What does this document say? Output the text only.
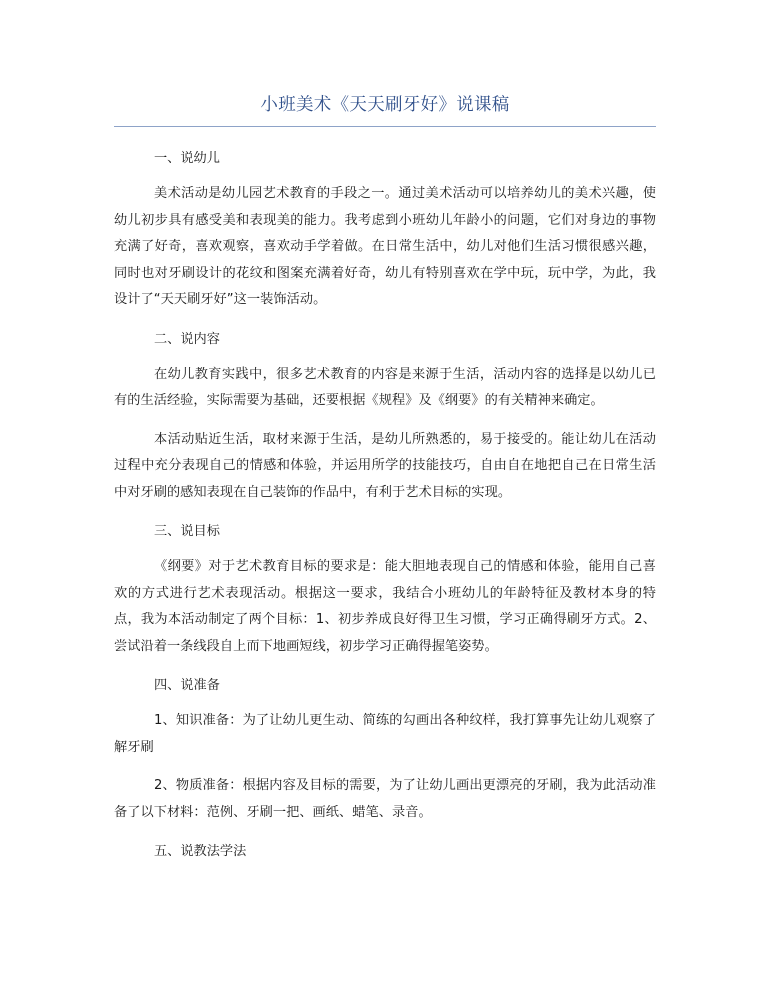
小班美术《天天刷牙好》说课稿
一、说幼儿

美术活动是幼儿园艺术教育的手段之一。通过美术活动可以培养幼儿的美术兴趣，使幼儿初步具有感受美和表现美的能力。我考虑到小班幼儿年龄小的问题，它们对身边的事物充满了好奇，喜欢观察，喜欢动手学着做。在日常生活中，幼儿对他们生活习惯很感兴趣，同时也对牙刷设计的花纹和图案充满着好奇，幼儿有特别喜欢在学中玩，玩中学，为此，我设计了“天天刷牙好”这一装饰活动。

二、说内容

在幼儿教育实践中，很多艺术教育的内容是来源于生活，活动内容的选择是以幼儿已有的生活经验，实际需要为基础，还要根据《规程》及《纲要》的有关精神来确定。

本活动贴近生活，取材来源于生活，是幼儿所熟悉的，易于接受的。能让幼儿在活动过程中充分表现自己的情感和体验，并运用所学的技能技巧，自由自在地把自己在日常生活中对牙刷的感知表现在自己装饰的作品中，有利于艺术目标的实现。

三、说目标

《纲要》对于艺术教育目标的要求是：能大胆地表现自己的情感和体验，能用自己喜欢的方式进行艺术表现活动。根据这一要求，我结合小班幼儿的年龄特征及教材本身的特点，我为本活动制定了两个目标：1、初步养成良好得卫生习惯，学习正确得刷牙方式。2、尝试沿着一条线段自上而下地画短线，初步学习正确得握笔姿势。

四、说准备

1、知识准备：为了让幼儿更生动、简练的勾画出各种纹样，我打算事先让幼儿观察了解牙刷

2、物质准备：根据内容及目标的需要，为了让幼儿画出更漂亮的牙刷，我为此活动准备了以下材料：范例、牙刷一把、画纸、蜡笔、录音。

五、说教法学法
